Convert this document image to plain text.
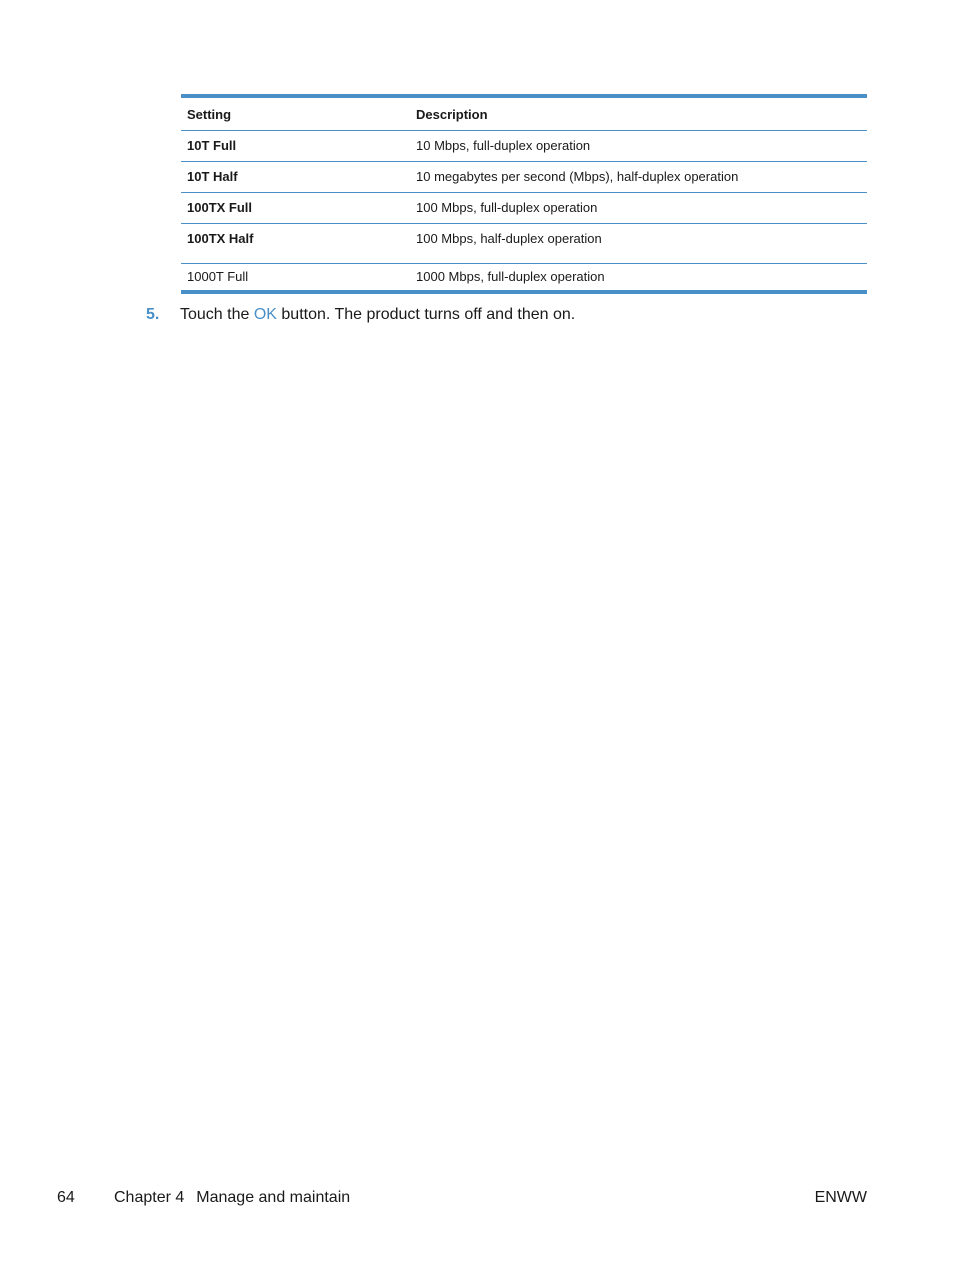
Setting	Description
10T Full	10 Mbps, full-duplex operation
10T Half	10 megabytes per second (Mbps), half-duplex operation
100TX Full	100 Mbps, full-duplex operation
100TX Half	100 Mbps, half-duplex operation
1000T Full	1000 Mbps, full-duplex operation
5. Touch the OK button. The product turns off and then on.
64 Chapter 4 Manage and maintain	ENWW
